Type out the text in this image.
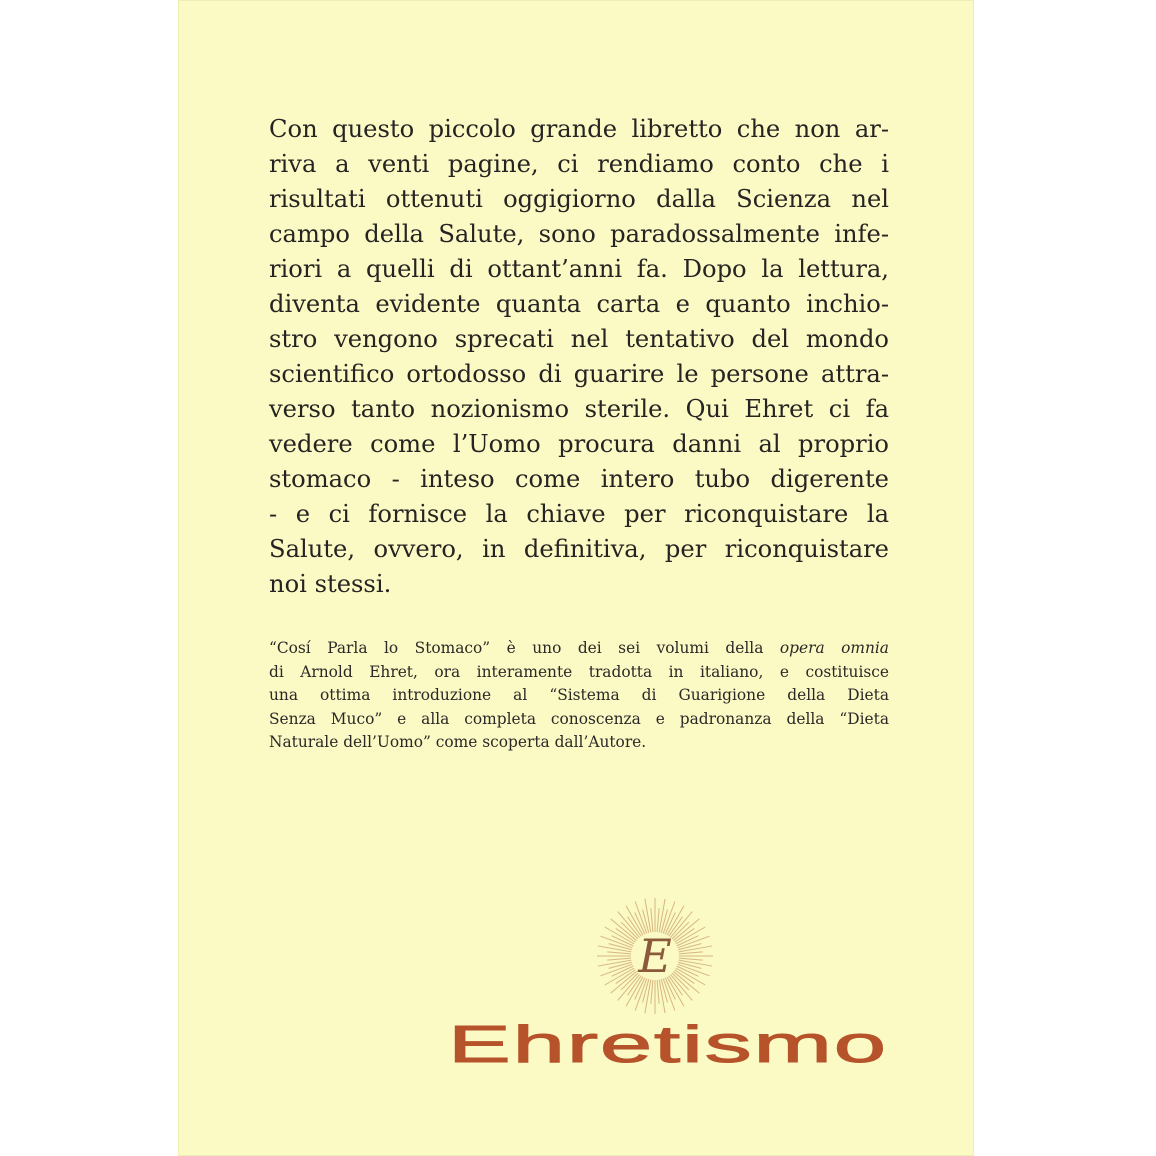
Con questo piccolo grande libretto che non ar-
riva a venti pagine, ci rendiamo conto che i
risultati ottenuti oggigiorno dalla Scienza nel
campo della Salute, sono paradossalmente infe-
riori a quelli di ottant’anni fa. Dopo la lettura,
diventa evidente quanta carta e quanto inchio-
stro vengono sprecati nel tentativo del mondo
scientifico ortodosso di guarire le persone attra-
verso tanto nozionismo sterile. Qui Ehret ci fa
vedere come l’Uomo procura danni al proprio
stomaco - inteso come intero tubo digerente
- e ci fornisce la chiave per riconquistare la
Salute, ovvero, in definitiva, per riconquistare
noi stessi.
“Cosí Parla lo Stomaco” è uno dei sei volumi della opera omnia
di Arnold Ehret, ora interamente tradotta in italiano, e costituisce
una ottima introduzione al “Sistema di Guarigione della Dieta
Senza Muco” e alla completa conoscenza e padronanza della “Dieta
Naturale dell’Uomo” come scoperta dall’Autore.
E
Ehretismo
